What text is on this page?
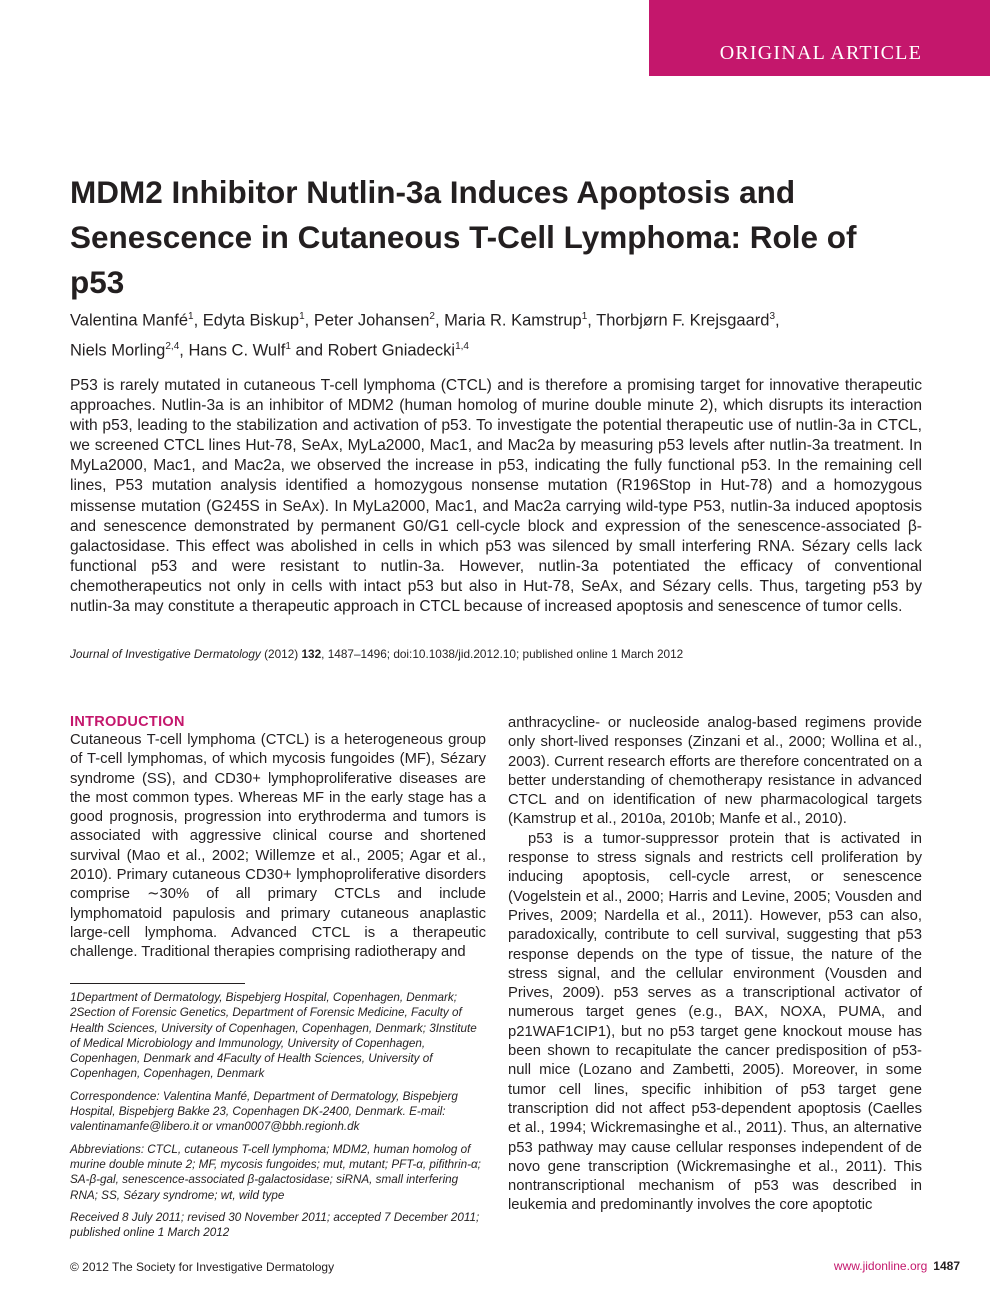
ORIGINAL ARTICLE
MDM2 Inhibitor Nutlin-3a Induces Apoptosis and Senescence in Cutaneous T-Cell Lymphoma: Role of p53

Valentina Manfé$^1$, Edyta Biskup$^1$, Peter Johansen$^2$, Maria R. Kamstrup$^1$, Thorbjørn F. Krejsgaard$^3$,
Niels Morling$^{2,4}$, Hans C. Wulf$^1$ and Robert Gniadecki$^{1,4}$

P53 is rarely mutated in cutaneous T-cell lymphoma (CTCL) and is therefore a promising target for innovative therapeutic approaches. Nutlin-3a is an inhibitor of MDM2 (human homolog of murine double minute 2), which disrupts its interaction with p53, leading to the stabilization and activation of p53. To investigate the potential therapeutic use of nutlin-3a in CTCL, we screened CTCL lines Hut-78, SeAx, MyLa2000, Mac1, and Mac2a by measuring p53 levels after nutlin-3a treatment. In MyLa2000, Mac1, and Mac2a, we observed the increase in p53, indicating the fully functional p53. In the remaining cell lines, P53 mutation analysis identified a homozygous nonsense mutation (R196Stop in Hut-78) and a homozygous missense mutation (G245S in SeAx). In MyLa2000, Mac1, and Mac2a carrying wild-type P53, nutlin-3a induced apoptosis and senescence demonstrated by permanent G0/G1 cell-cycle block and expression of the senescence-associated β-galactosidase. This effect was abolished in cells in which p53 was silenced by small interfering RNA. Sézary cells lack functional p53 and were resistant to nutlin-3a. However, nutlin-3a potentiated the efficacy of conventional chemotherapeutics not only in cells with intact p53 but also in Hut-78, SeAx, and Sézary cells. Thus, targeting p53 by nutlin-3a may constitute a therapeutic approach in CTCL because of increased apoptosis and senescence of tumor cells.

Journal of Investigative Dermatology (2012) 132, 1487–1496; doi:10.1038/jid.2012.10; published online 1 March 2012

INTRODUCTION

Cutaneous T-cell lymphoma (CTCL) is a heterogeneous group of T-cell lymphomas, of which mycosis fungoides (MF), Sézary syndrome (SS), and CD30+ lymphoproliferative diseases are the most common types. Whereas MF in the early stage has a good prognosis, progression into erythroderma and tumors is associated with aggressive clinical course and shortened survival (Mao et al., 2002; Willemze et al., 2005; Agar et al., 2010). Primary cutaneous CD30+ lymphoproliferative disorders comprise ∼30% of all primary CTCLs and include lymphomatoid papulosis and primary cutaneous anaplastic large-cell lymphoma. Advanced CTCL is a therapeutic challenge. Traditional therapies comprising radiotherapy and

anthracycline- or nucleoside analog-based regimens provide only short-lived responses (Zinzani et al., 2000; Wollina et al., 2003). Current research efforts are therefore concentrated on a better understanding of chemotherapy resistance in advanced CTCL and on identification of new pharmacological targets (Kamstrup et al., 2010a, 2010b; Manfe et al., 2010).

p53 is a tumor-suppressor protein that is activated in response to stress signals and restricts cell proliferation by inducing apoptosis, cell-cycle arrest, or senescence (Vogelstein et al., 2000; Harris and Levine, 2005; Vousden and Prives, 2009; Nardella et al., 2011). However, p53 can also, paradoxically, contribute to cell survival, suggesting that p53 response depends on the type of tissue, the nature of the stress signal, and the cellular environment (Vousden and Prives, 2009). p53 serves as a transcriptional activator of numerous target genes (e.g., BAX, NOXA, PUMA, and p21WAF1CIP1), but no p53 target gene knockout mouse has been shown to recapitulate the cancer predisposition of p53-null mice (Lozano and Zambetti, 2005). Moreover, in some tumor cell lines, specific inhibition of p53 target gene transcription did not affect p53-dependent apoptosis (Caelles et al., 1994; Wickremasinghe et al., 2011). Thus, an alternative p53 pathway may cause cellular responses independent of de novo gene transcription (Wickremasinghe et al., 2011). This nontranscriptional mechanism of p53 was described in leukemia and predominantly involves the core apoptotic

1Department of Dermatology, Bispebjerg Hospital, Copenhagen, Denmark; 2Section of Forensic Genetics, Department of Forensic Medicine, Faculty of Health Sciences, University of Copenhagen, Copenhagen, Denmark; 3Institute of Medical Microbiology and Immunology, University of Copenhagen, Copenhagen, Denmark and 4Faculty of Health Sciences, University of Copenhagen, Copenhagen, Denmark

Correspondence: Valentina Manfé, Department of Dermatology, Bispebjerg Hospital, Bispebjerg Bakke 23, Copenhagen DK-2400, Denmark. E-mail: valentinamanfe@libero.it or vman0007@bbh.regionh.dk

Abbreviations: CTCL, cutaneous T-cell lymphoma; MDM2, human homolog of murine double minute 2; MF, mycosis fungoides; mut, mutant; PFT-α, pifithrin-α; SA-β-gal, senescence-associated β-galactosidase; siRNA, small interfering RNA; SS, Sézary syndrome; wt, wild type

Received 8 July 2011; revised 30 November 2011; accepted 7 December 2011; published online 1 March 2012

© 2012 The Society for Investigative Dermatology	www.jidonline.org 1487
